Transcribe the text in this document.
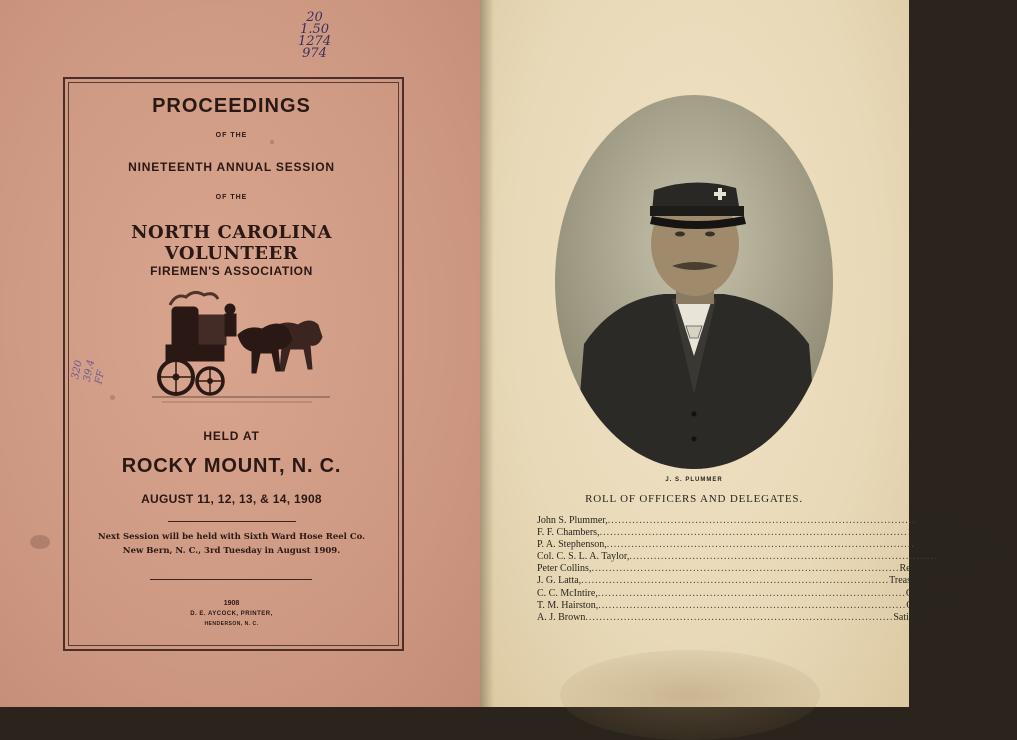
20
1.50
1274
974

320
39.4
FF

PROCEEDINGS

OF THE

NINETEENTH ANNUAL SESSION

OF THE

NORTH CAROLINA VOLUNTEER

FIREMEN'S ASSOCIATION

HELD AT

ROCKY MOUNT, N. C.

AUGUST 11, 12, 13, & 14, 1908

Next Session will be held with Sixth Ward Hose Reel Co.
New Bern, N. C., 3rd Tuesday in August 1909.

1908

D. E. AYCOCK, PRINTER,

HENDERSON, N. C.

J. S. PLUMMER

ROLL OF OFFICERS AND DELEGATES.

John S. Plummer, ........................................................................................ President.
F. F. Chambers, ........................................................................................ 1st Vice President.
P. A. Stephenson, ........................................................................................ 2nd Vice President.
Col. C. S. L. A. Taylor, ........................................................................................ Financial Secretary.
Peter Collins, ........................................................................................ Recording Secretary.
J. G. Latta, ........................................................................................ Treasurer.
C. C. McIntire, ........................................................................................ Chaplin.
T. M. Hairston, ........................................................................................ Chief Marshal.
A. J. Brown ........................................................................................ Satistician.
